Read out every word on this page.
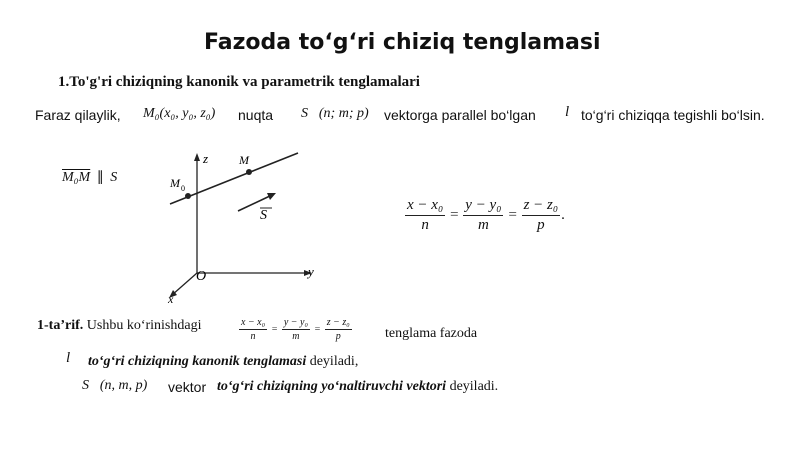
Fazoda to‘g‘ri chiziq tenglamasi
1.To'g'ri chiziqning kanonik va parametrik tenglamalari
Faraz qilaylik, M₀(x₀, y₀, z₀) nuqta S⃗(n; m; p) vektorga parallel bo‘lgan l to‘g‘ri chiziqqa tegishli bo‘lsin.
M₀M ∥ S⃗
z
y
x
O
M
M 0
S	$\frac{\text{x − x₀}}{n} = \frac{\text{y − y₀}}{m} = \frac{\text{z − z₀}}{p}$ .
1-ta’rif. Ushbu ko‘rinishdagi	$\frac{\text{x − x₀}}{n} = \frac{\text{y − y₀}}{m} = \frac{\text{z − z₀}}{p}$ tenglama fazoda
l to‘g‘ri chiziqning kanonik tenglamasi deyiladi,
S⃗(n, m, p) vektor to‘g‘ri chiziqning yo‘naltiruvchi vektori deyiladi.
